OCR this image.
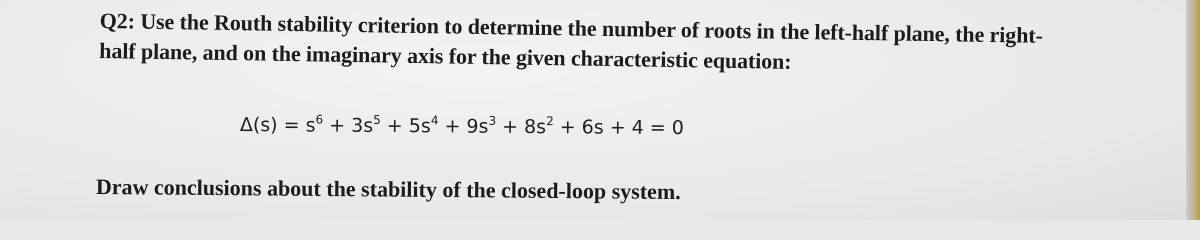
Q2: Use the Routh stability criterion to determine the number of roots in the left-half plane, the right-
half plane, and on the imaginary axis for the given characteristic equation:
$\Delta(s) = s^6 + 3s^5 + 5s^4 + 9s^3 + 8s^2 + 6s + 4 = 0$
Draw conclusions about the stability of the closed-loop system.
